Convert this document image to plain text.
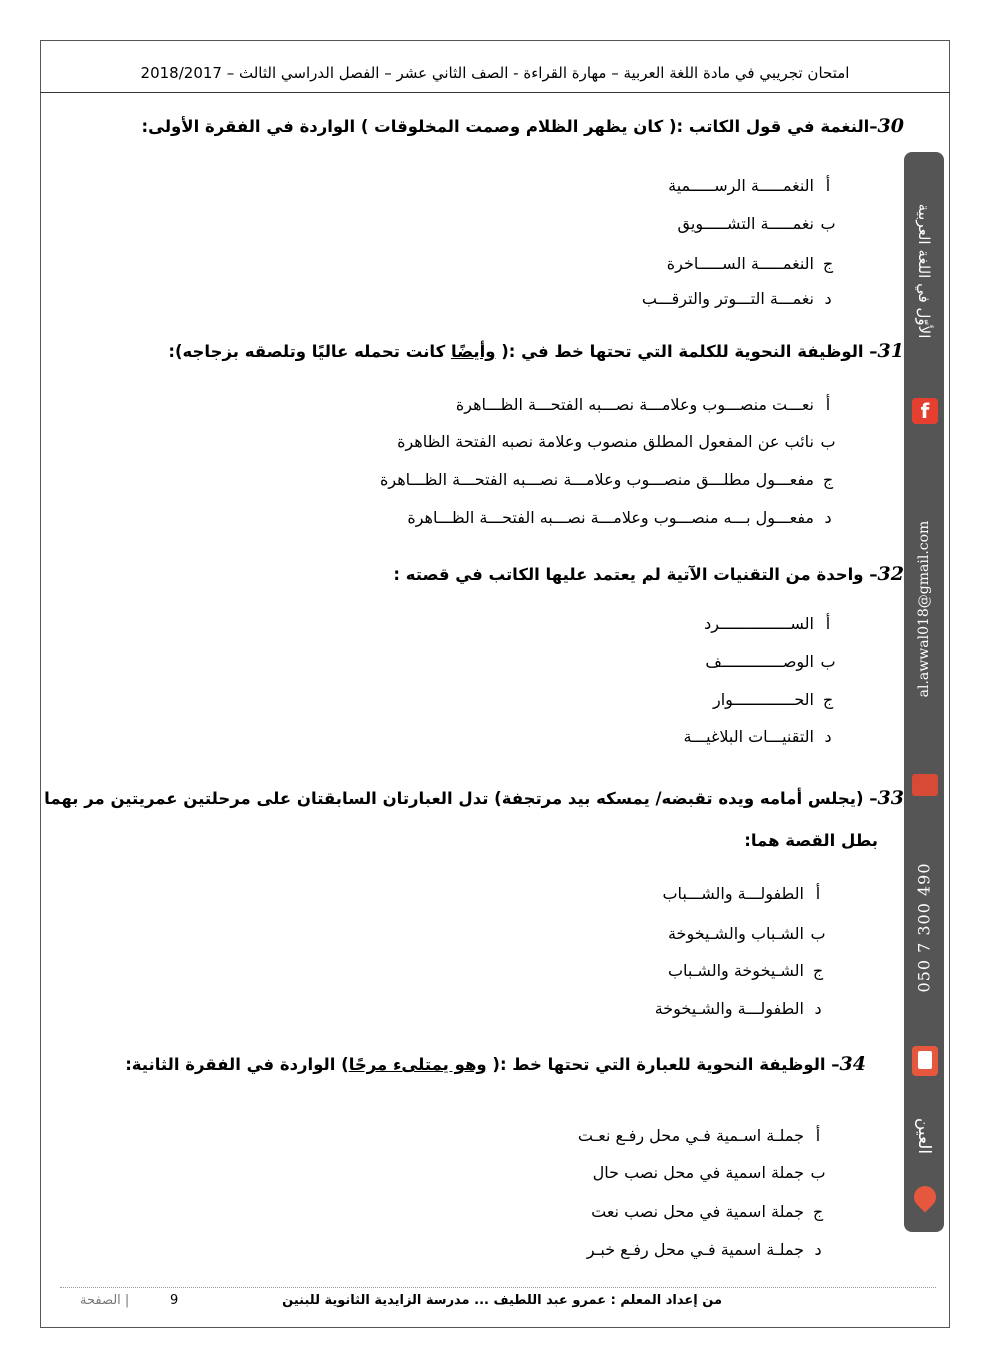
امتحان تجريبي في مادة اللغة العربية – مهارة القراءة - الصف الثاني عشر – الفصل الدراسي الثالث – 2018/2017
30–النغمة في قول الكاتب :( كان يظهر الظلام وصمت المخلوقات ) الواردة في الفقرة الأولى:
أالنغمـــــة الرســـــمية
بنغمـــــة التشـــــويق
جالنغمـــــة الســـــاخرة
دنغمـــة التـــوتر والترقـــب
31– الوظيفة النحوية للكلمة التي تحتها خط في :( وأيضًا كانت تحمله عاليًا وتلصقه بزجاجه):
أنعـــت منصـــوب وعلامـــة نصـــبه الفتحـــة الظـــاهرة
بنائب عن المفعول المطلق منصوب وعلامة نصبه الفتحة الظاهرة
جمفعـــول مطلـــق منصـــوب وعلامـــة نصـــبه الفتحـــة الظـــاهرة
دمفعـــول بـــه منصـــوب وعلامـــة نصـــبه الفتحـــة الظـــاهرة
32– واحدة من التقنيات الآتية لم يعتمد عليها الكاتب في قصته :
أالســـــــــــــــرد
بالوصـــــــــــــف
جالحـــــــــــــوار
دالتقنيـــات البلاغيـــة
33– (يجلس أمامه ويده تقبضه/ يمسكه بيد مرتجفة) تدل العبارتان السابقتان على مرحلتين عمريتين مر بهما
بطل القصة هما:
أالطفولـــة والشـــباب
بالشـباب والشـيخوخة
جالشـيخوخة والشـباب
دالطفولـــة والشـيخوخة
34– الوظيفة النحوية للعبارة التي تحتها خط :( وهو يمتلىء مرحًا) الواردة في الفقرة الثانية:
أجملـة اسـمية فـي محل رفـع نعـت
بجملة اسمية في محل نصب حال
ججملة اسمية في محل نصب نعت
دجملـة اسمية فـي محل رفـع خبـر
الأوّل في اللغة العربية
f
al.awwal018@gmail.com
050 7 300 490
العين
من إعداد المعلم : عمرو عبد اللطيف ... مدرسة الزايدية الثانوية للبنين
| الصفحة	9
